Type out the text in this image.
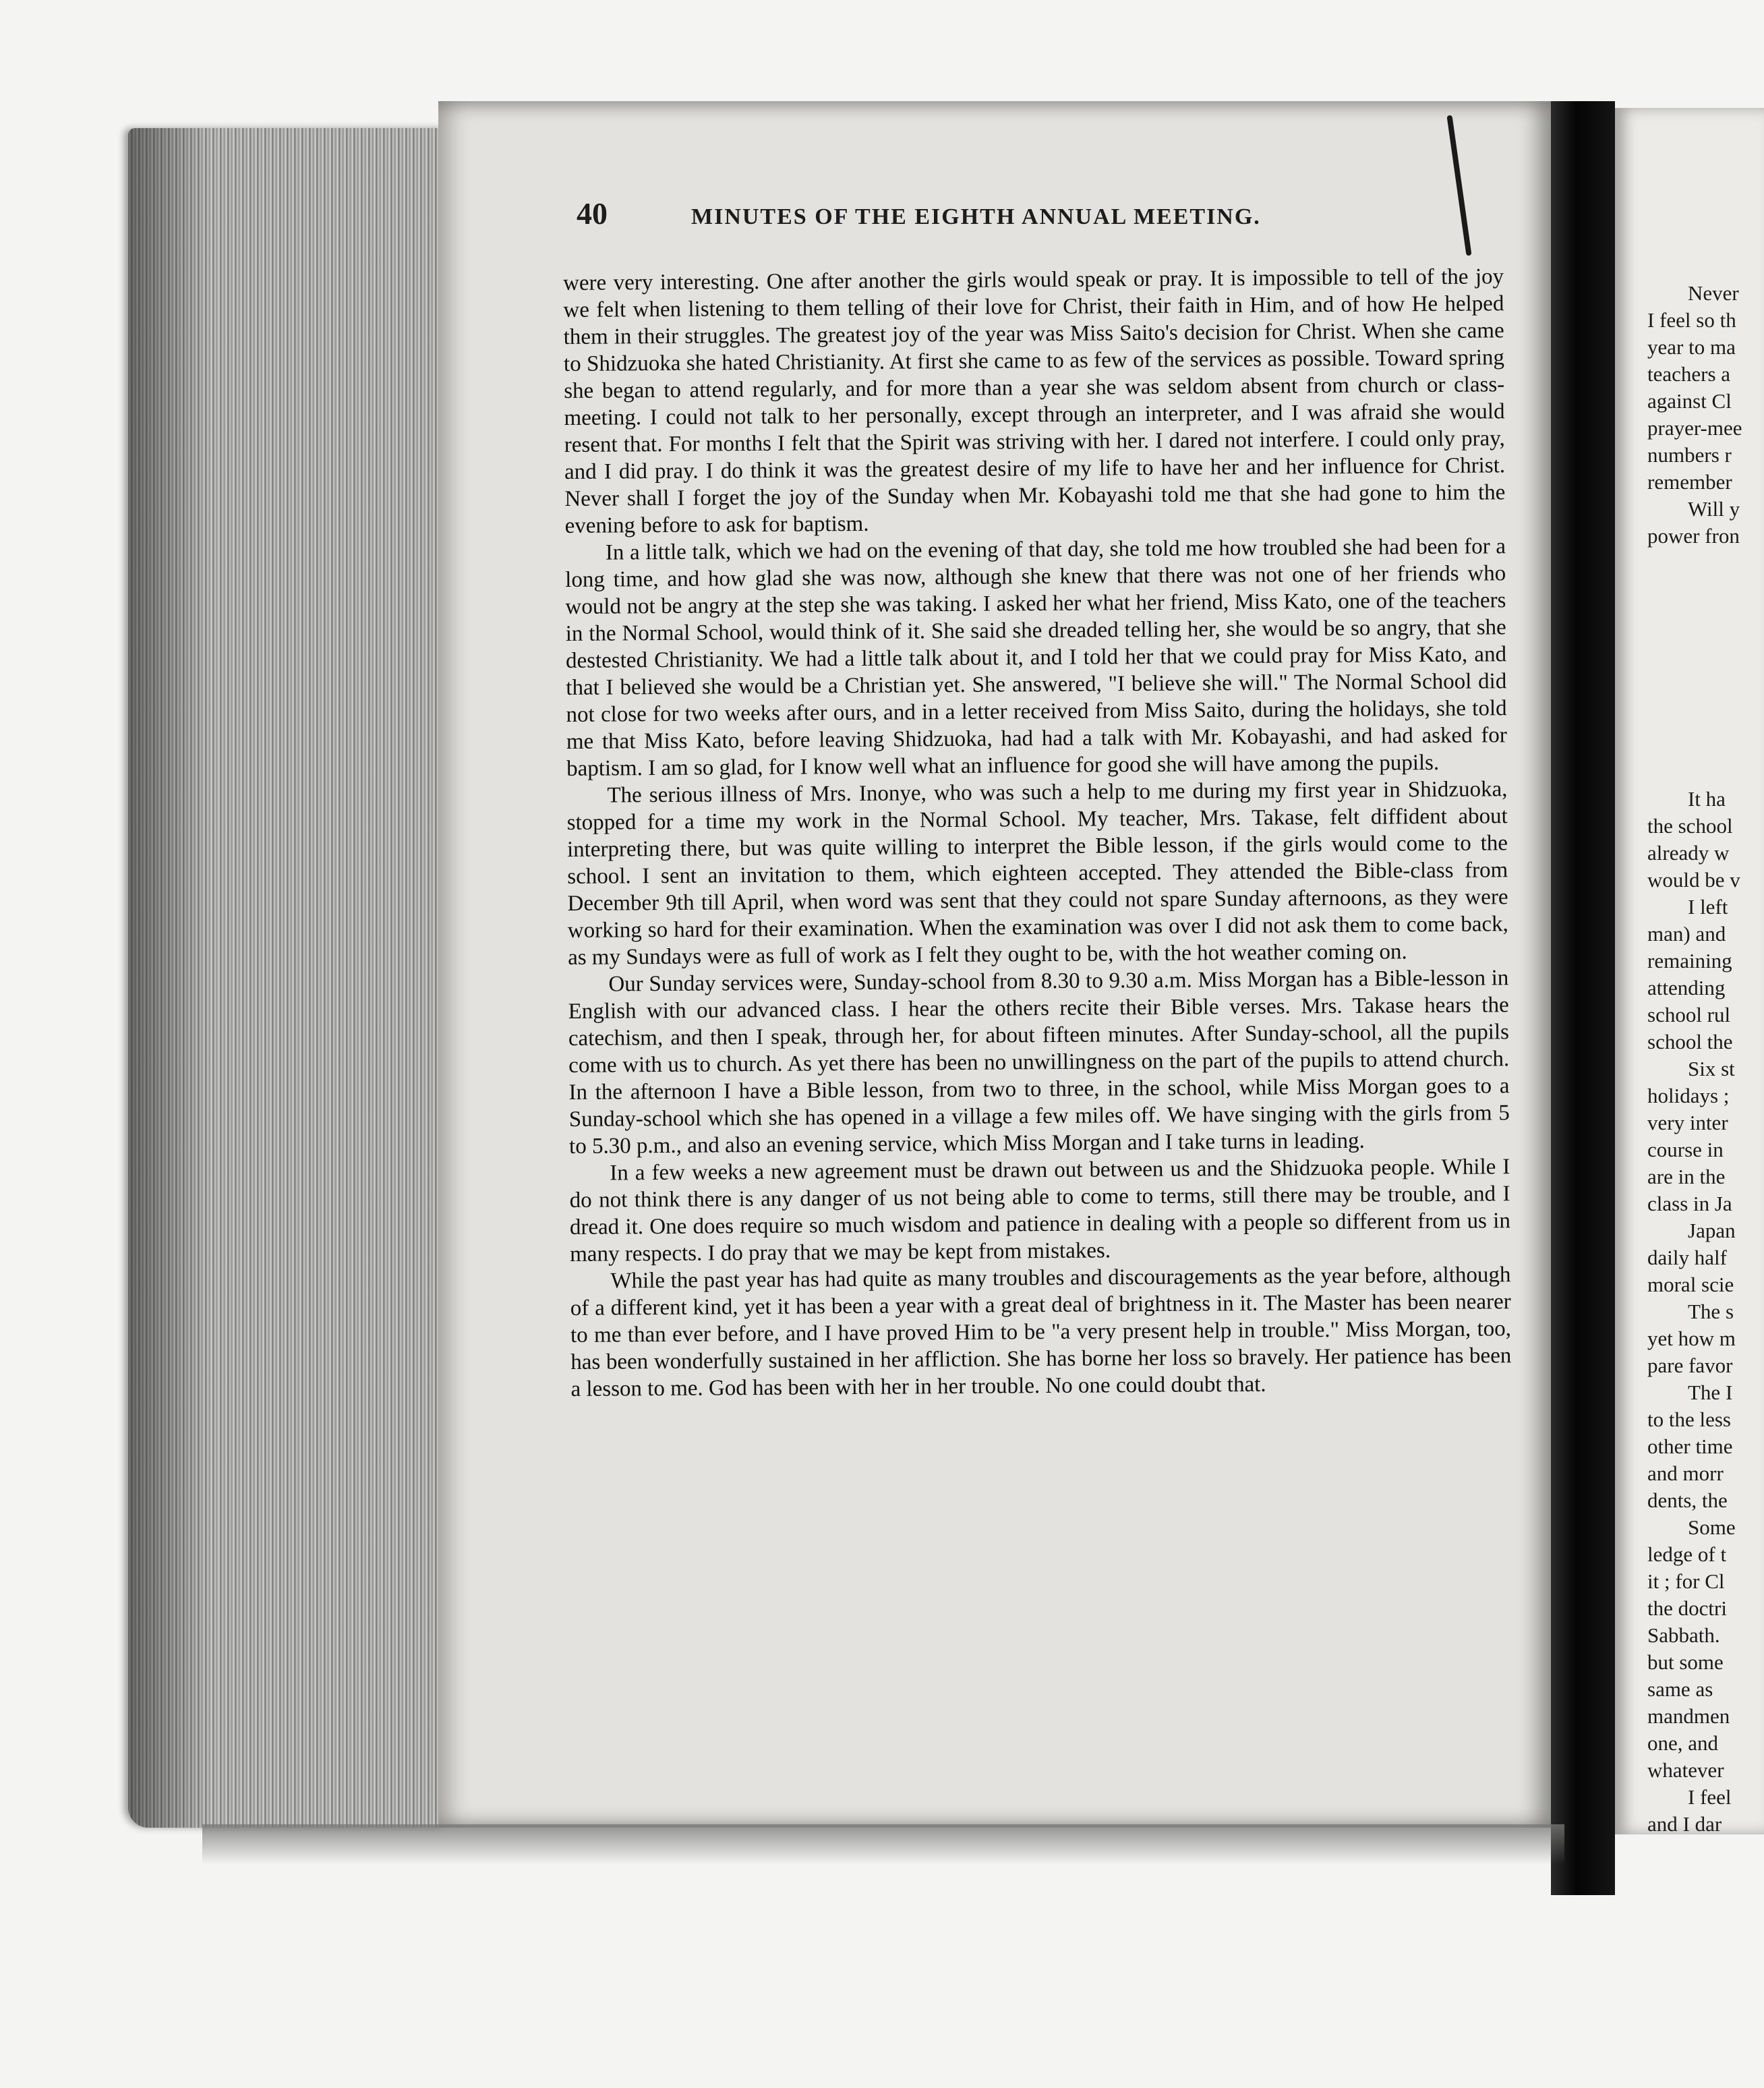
40	MINUTES OF THE EIGHTH ANNUAL MEETING.

were very interesting. One after another the girls would speak or pray. It is impossible to tell of the joy we felt when listening to them telling of their love for Christ, their faith in Him, and of how He helped them in their struggles. The greatest joy of the year was Miss Saito's decision for Christ. When she came to Shidzuoka she hated Christianity. At first she came to as few of the services as possible. Toward spring she began to attend regularly, and for more than a year she was seldom absent from church or class-meeting. I could not talk to her personally, except through an interpreter, and I was afraid she would resent that. For months I felt that the Spirit was striving with her. I dared not interfere. I could only pray, and I did pray. I do think it was the greatest desire of my life to have her and her influence for Christ. Never shall I forget the joy of the Sunday when Mr. Kobayashi told me that she had gone to him the evening before to ask for baptism.

In a little talk, which we had on the evening of that day, she told me how troubled she had been for a long time, and how glad she was now, although she knew that there was not one of her friends who would not be angry at the step she was taking. I asked her what her friend, Miss Kato, one of the teachers in the Normal School, would think of it. She said she dreaded telling her, she would be so angry, that she destested Christianity. We had a little talk about it, and I told her that we could pray for Miss Kato, and that I believed she would be a Christian yet. She answered, "I believe she will." The Normal School did not close for two weeks after ours, and in a letter received from Miss Saito, during the holidays, she told me that Miss Kato, before leaving Shidzuoka, had had a talk with Mr. Kobayashi, and had asked for baptism. I am so glad, for I know well what an influence for good she will have among the pupils.

The serious illness of Mrs. Inonye, who was such a help to me during my first year in Shidzuoka, stopped for a time my work in the Normal School. My teacher, Mrs. Takase, felt diffident about interpreting there, but was quite willing to interpret the Bible lesson, if the girls would come to the school. I sent an invitation to them, which eighteen accepted. They attended the Bible-class from December 9th till April, when word was sent that they could not spare Sunday afternoons, as they were working so hard for their examination. When the examination was over I did not ask them to come back, as my Sundays were as full of work as I felt they ought to be, with the hot weather coming on.

Our Sunday services were, Sunday-school from 8.30 to 9.30 a.m. Miss Morgan has a Bible-lesson in English with our advanced class. I hear the others recite their Bible verses. Mrs. Takase hears the catechism, and then I speak, through her, for about fifteen minutes. After Sunday-school, all the pupils come with us to church. As yet there has been no unwillingness on the part of the pupils to attend church. In the afternoon I have a Bible lesson, from two to three, in the school, while Miss Morgan goes to a Sunday-school which she has opened in a village a few miles off. We have singing with the girls from 5 to 5.30 p.m., and also an evening service, which Miss Morgan and I take turns in leading.

In a few weeks a new agreement must be drawn out between us and the Shidzuoka people. While I do not think there is any danger of us not being able to come to terms, still there may be trouble, and I dread it. One does require so much wisdom and patience in dealing with a people so different from us in many respects. I do pray that we may be kept from mistakes.

While the past year has had quite as many troubles and discouragements as the year before, although of a different kind, yet it has been a year with a great deal of brightness in it. The Master has been nearer to me than ever before, and I have proved Him to be "a very present help in trouble." Miss Morgan, too, has been wonderfully sustained in her affliction. She has borne her loss so bravely. Her patience has been a lesson to me. God has been with her in her trouble. No one could doubt that.

Never
I feel so th
year to ma
teachers a
against Cl
prayer-mee
numbers r
remember
Will y
power fron
It ha
the school
already w
would be v
I left
man) and
remaining
attending
school rul
school the
Six st
holidays ;
very inter
course in
are in the
class in Ja
Japan
daily half
moral scie
The s
yet how m
pare favor
The I
to the less
other time
and morr
dents, the
Some
ledge of t
it ; for Cl
the doctri
Sabbath.
but some
same as
mandmen
one, and
whatever
I feel
and I dar
